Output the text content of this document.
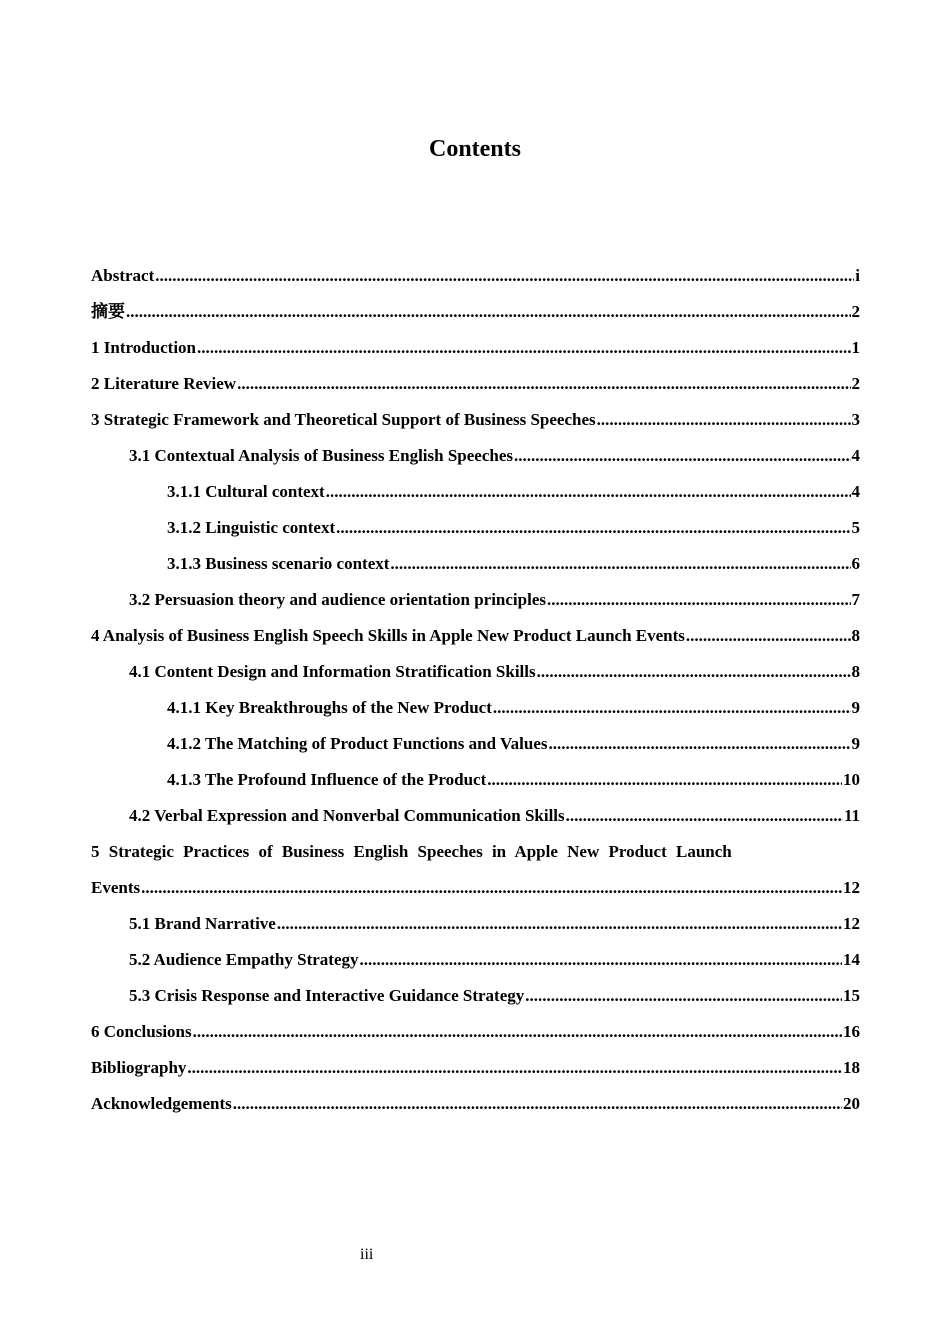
Contents
Abstract .....	i
摘要 .....	2
1 Introduction .....	1
2 Literature Review .....	2
3 Strategic Framework and Theoretical Support of Business Speeches .....	3
3.1 Contextual Analysis of Business English Speeches .....	4
3.1.1 Cultural context .....	4
3.1.2 Linguistic context .....	5
3.1.3 Business scenario context .....	6
3.2 Persuasion theory and audience orientation principles .....	7
4 Analysis of Business English Speech Skills in Apple New Product Launch Events .....	8
4.1 Content Design and Information Stratification Skills .....	8
4.1.1 Key Breakthroughs of the New Product .....	9
4.1.2 The Matching of Product Functions and Values .....	9
4.1.3 The Profound Influence of the Product .....	10
4.2 Verbal Expression and Nonverbal Communication Skills .....	11
5 Strategic Practices of Business English Speeches in Apple New Product Launch
Events .....	12
5.1 Brand Narrative .....	12
5.2 Audience Empathy Strategy .....	14
5.3 Crisis Response and Interactive Guidance Strategy .....	15
6 Conclusions .....	16
Bibliography .....	18
Acknowledgements .....	20
iii
